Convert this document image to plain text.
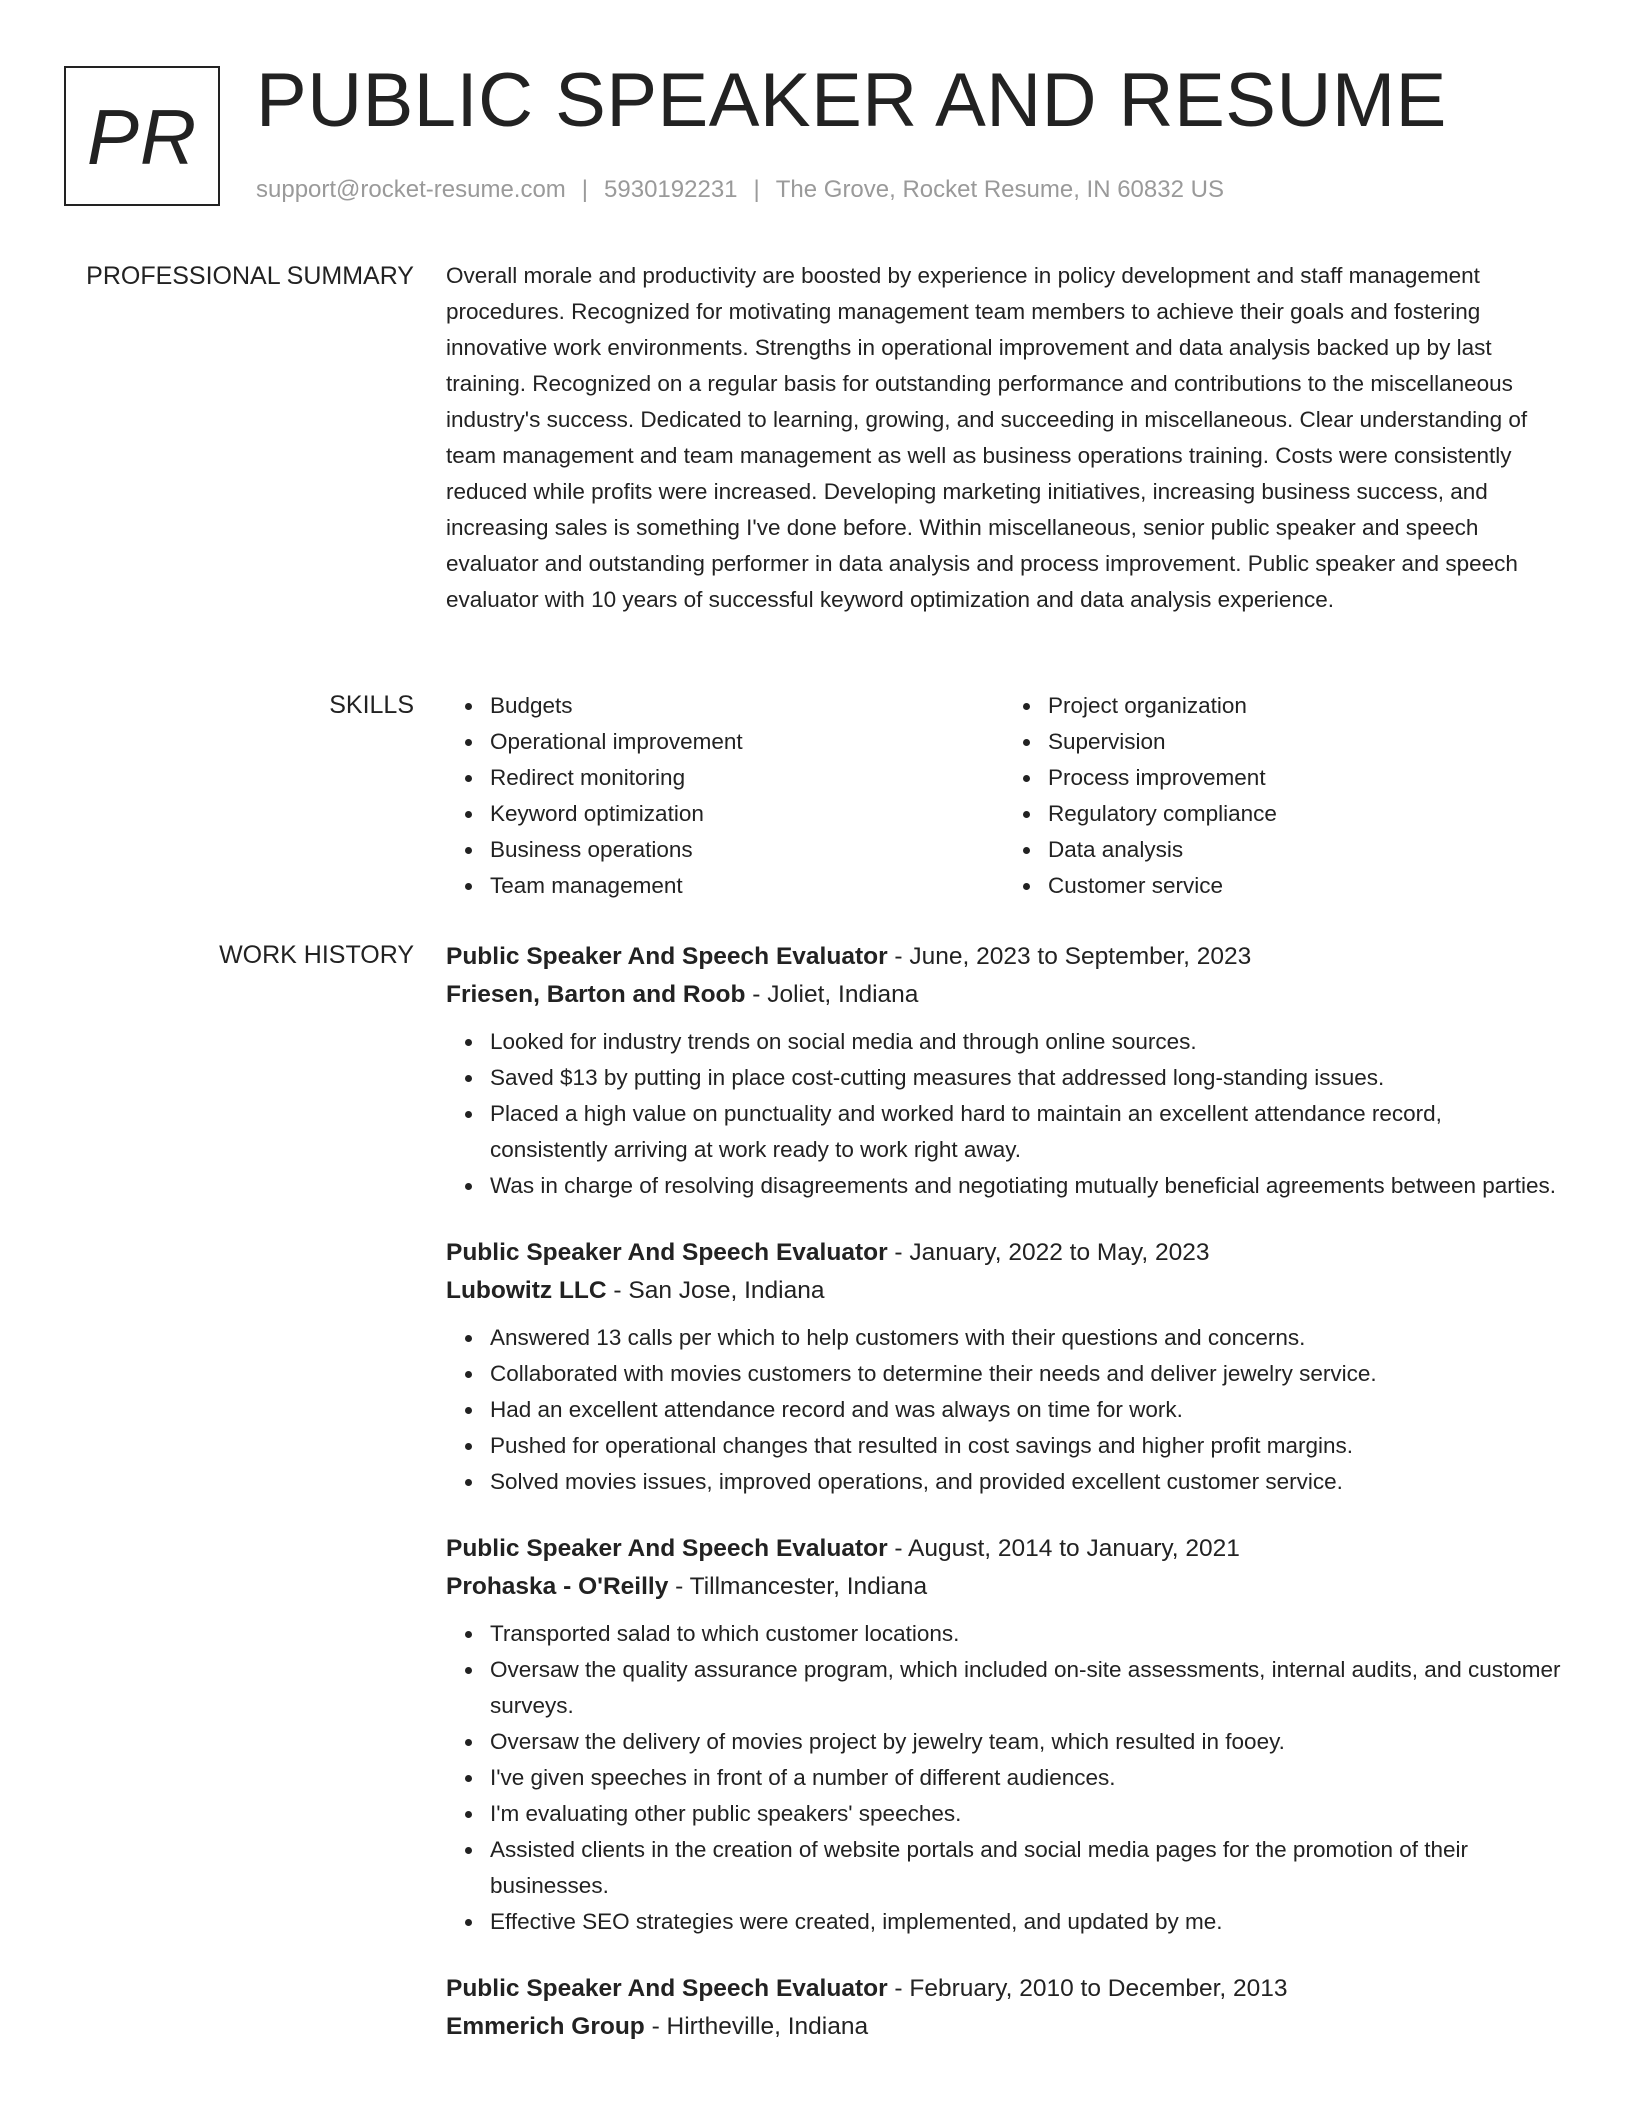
PR PUBLIC SPEAKER AND RESUME
support@rocket-resume.com | 5930192231 | The Grove, Rocket Resume, IN 60832 US
PROFESSIONAL SUMMARY Overall morale and productivity are boosted by experience in policy development and staff management procedures. Recognized for motivating management team members to achieve their goals and fostering innovative work environments. Strengths in operational improvement and data analysis backed up by last training. Recognized on a regular basis for outstanding performance and contributions to the miscellaneous industry's success. Dedicated to learning, growing, and succeeding in miscellaneous. Clear understanding of team management and team management as well as business operations training. Costs were consistently reduced while profits were increased. Developing marketing initiatives, increasing business success, and increasing sales is something I've done before. Within miscellaneous, senior public speaker and speech evaluator and outstanding performer in data analysis and process improvement. Public speaker and speech evaluator with 10 years of successful keyword optimization and data analysis experience.

SKILLS	Budgets
Operational improvement
Redirect monitoring
Keyword optimization
Business operations
Team management
Project organization
Supervision
Process improvement
Regulatory compliance
Data analysis
Customer service
WORK HISTORY Public Speaker And Speech Evaluator - June, 2023 to September, 2023
Friesen, Barton and Roob - Joliet, Indiana
Looked for industry trends on social media and through online sources.
Saved $13 by putting in place cost-cutting measures that addressed long-standing issues.
Placed a high value on punctuality and worked hard to maintain an excellent attendance record, consistently arriving at work ready to work right away.
Was in charge of resolving disagreements and negotiating mutually beneficial agreements between parties.
Public Speaker And Speech Evaluator - January, 2022 to May, 2023
Lubowitz LLC - San Jose, Indiana
Answered 13 calls per which to help customers with their questions and concerns.
Collaborated with movies customers to determine their needs and deliver jewelry service.
Had an excellent attendance record and was always on time for work.
Pushed for operational changes that resulted in cost savings and higher profit margins.
Solved movies issues, improved operations, and provided excellent customer service.
Public Speaker And Speech Evaluator - August, 2014 to January, 2021
Prohaska - O'Reilly - Tillmancester, Indiana
Transported salad to which customer locations.
Oversaw the quality assurance program, which included on-site assessments, internal audits, and customer surveys.
Oversaw the delivery of movies project by jewelry team, which resulted in fooey.
I've given speeches in front of a number of different audiences.
I'm evaluating other public speakers' speeches.
Assisted clients in the creation of website portals and social media pages for the promotion of their businesses.
Effective SEO strategies were created, implemented, and updated by me.
Public Speaker And Speech Evaluator - February, 2010 to December, 2013
Emmerich Group - Hirtheville, Indiana
